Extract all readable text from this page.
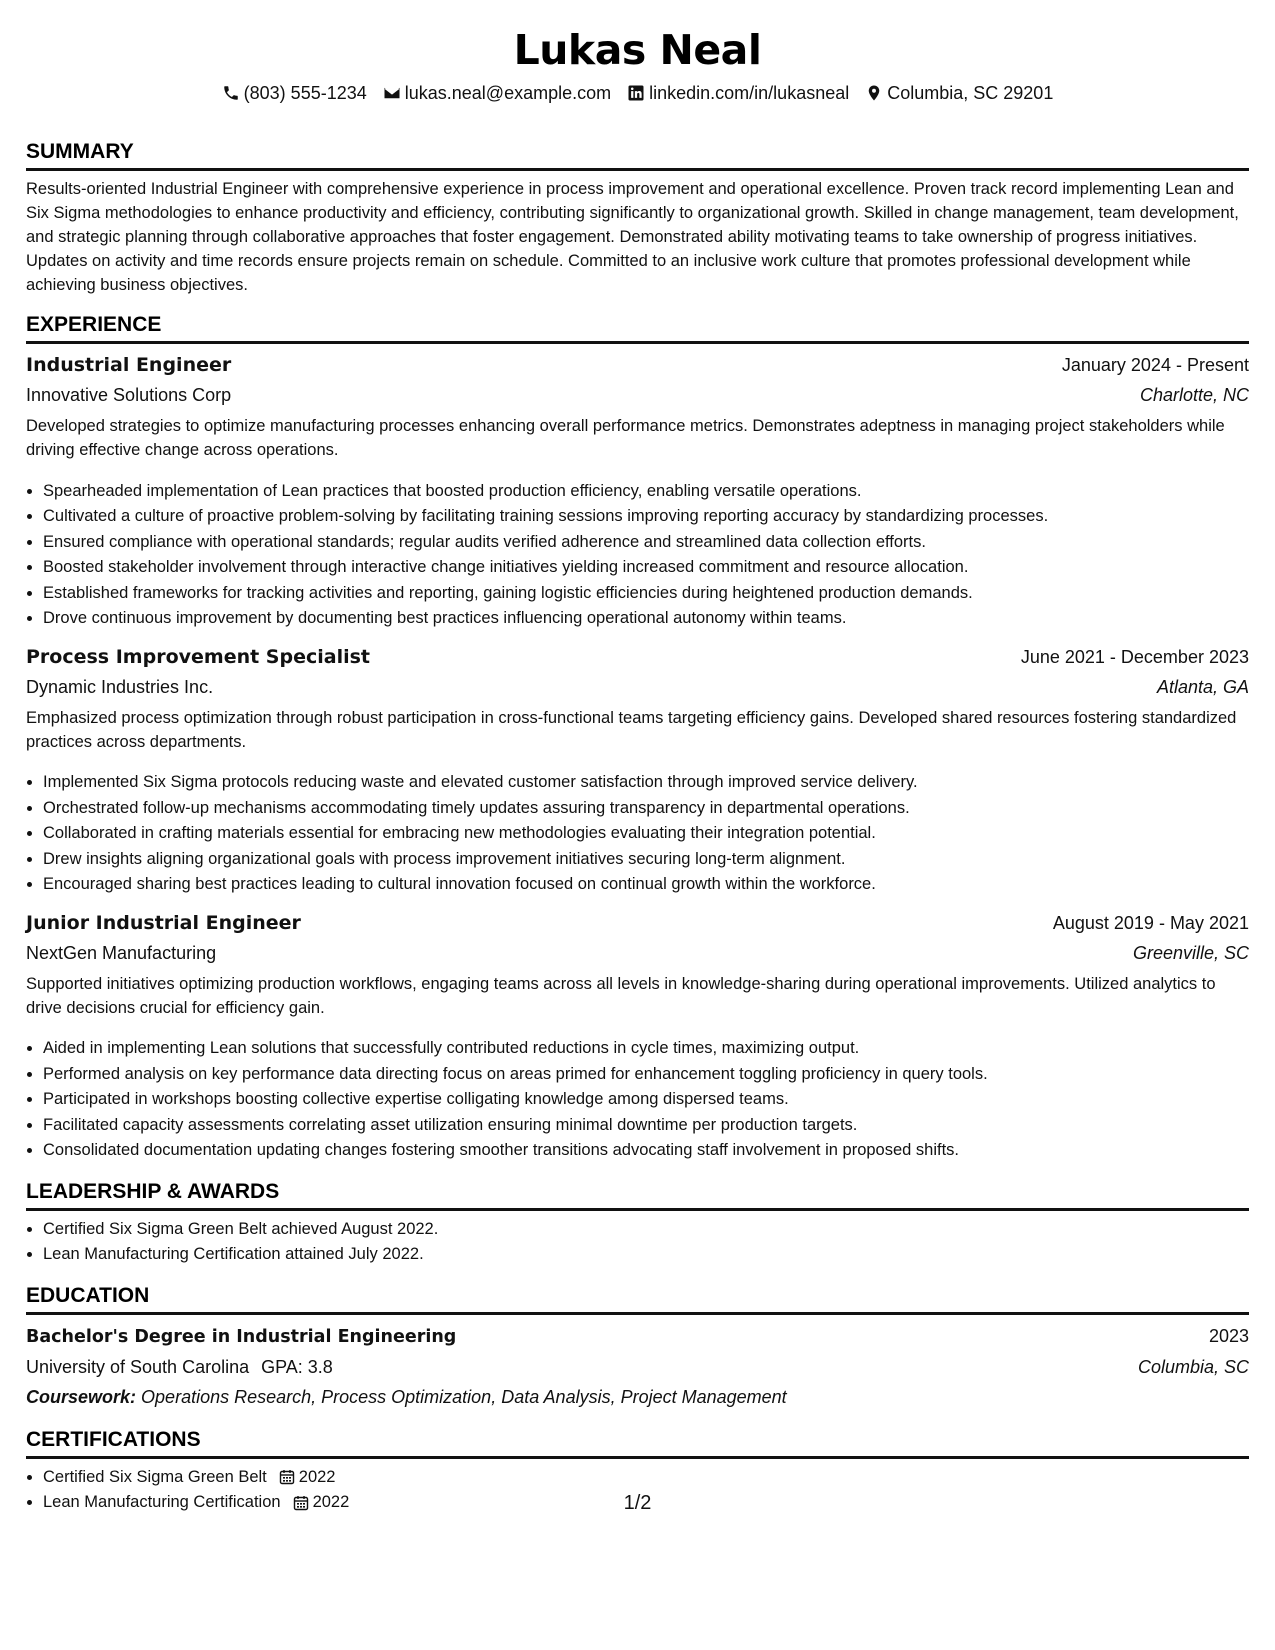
Lukas Neal
(803) 555-1234 lukas.neal@example.com linkedin.com/in/lukasneal Columbia, SC 29201
SUMMARY

Results-oriented Industrial Engineer with comprehensive experience in process improvement and operational excellence. Proven track record implementing Lean and Six Sigma methodologies to enhance productivity and efficiency, contributing significantly to organizational growth. Skilled in change management, team development, and strategic planning through collaborative approaches that foster engagement. Demonstrated ability motivating teams to take ownership of progress initiatives. Updates on activity and time records ensure projects remain on schedule. Committed to an inclusive work culture that promotes professional development while achieving business objectives.

EXPERIENCE
Industrial Engineer	January 2024 - Present
Innovative Solutions Corp	Charlotte, NC

Developed strategies to optimize manufacturing processes enhancing overall performance metrics. Demonstrates adeptness in managing project stakeholders while driving effective change across operations.

• Spearheaded implementation of Lean practices that boosted production efficiency, enabling versatile operations.
• Cultivated a culture of proactive problem-solving by facilitating training sessions improving reporting accuracy by standardizing processes.
• Ensured compliance with operational standards; regular audits verified adherence and streamlined data collection efforts.
• Boosted stakeholder involvement through interactive change initiatives yielding increased commitment and resource allocation.
• Established frameworks for tracking activities and reporting, gaining logistic efficiencies during heightened production demands.
• Drove continuous improvement by documenting best practices influencing operational autonomy within teams.
Process Improvement Specialist	June 2021 - December 2023
Dynamic Industries Inc.	Atlanta, GA

Emphasized process optimization through robust participation in cross-functional teams targeting efficiency gains. Developed shared resources fostering standardized practices across departments.

• Implemented Six Sigma protocols reducing waste and elevated customer satisfaction through improved service delivery.
• Orchestrated follow-up mechanisms accommodating timely updates assuring transparency in departmental operations.
• Collaborated in crafting materials essential for embracing new methodologies evaluating their integration potential.
• Drew insights aligning organizational goals with process improvement initiatives securing long-term alignment.
• Encouraged sharing best practices leading to cultural innovation focused on continual growth within the workforce.
Junior Industrial Engineer	August 2019 - May 2021
NextGen Manufacturing	Greenville, SC

Supported initiatives optimizing production workflows, engaging teams across all levels in knowledge-sharing during operational improvements. Utilized analytics to drive decisions crucial for efficiency gain.

• Aided in implementing Lean solutions that successfully contributed reductions in cycle times, maximizing output.
• Performed analysis on key performance data directing focus on areas primed for enhancement toggling proficiency in query tools.
• Participated in workshops boosting collective expertise colligating knowledge among dispersed teams.
• Facilitated capacity assessments correlating asset utilization ensuring minimal downtime per production targets.
• Consolidated documentation updating changes fostering smoother transitions advocating staff involvement in proposed shifts.
LEADERSHIP & AWARDS
• Certified Six Sigma Green Belt achieved August 2022.
• Lean Manufacturing Certification attained July 2022.
EDUCATION
Bachelor's Degree in Industrial Engineering	2023
University of South Carolina GPA: 3.8	Columbia, SC
Coursework: Operations Research, Process Optimization, Data Analysis, Project Management
CERTIFICATIONS
• Certified Six Sigma Green Belt 2022
• Lean Manufacturing Certification 2022	1/2
